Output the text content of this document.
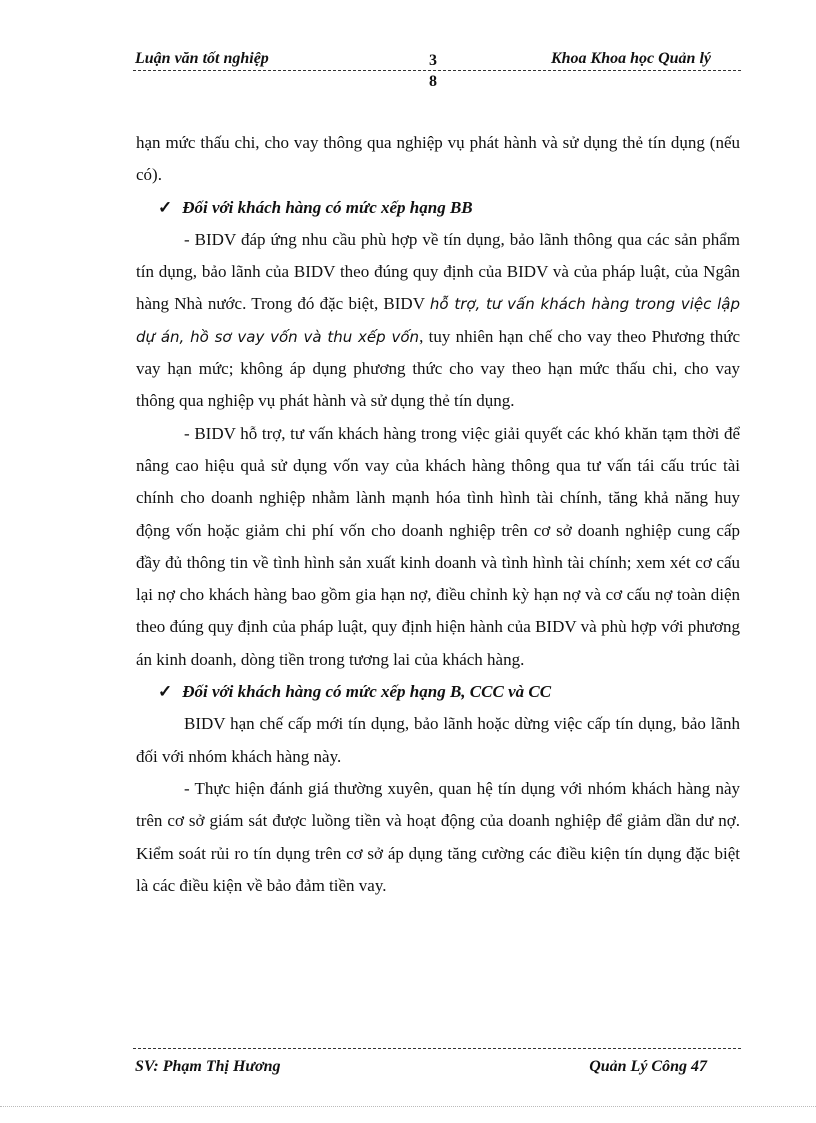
Luận văn tốt nghiệp	3
8
Khoa Khoa học Quản lý

hạn mức thấu chi, cho vay thông qua nghiệp vụ phát hành và sử dụng thẻ tín dụng (nếu có).

✓ Đối với khách hàng có mức xếp hạng BB

- BIDV đáp ứng nhu cầu phù hợp về tín dụng, bảo lãnh thông qua các sản phẩm tín dụng, bảo lãnh của BIDV theo đúng quy định của BIDV và của pháp luật, của Ngân hàng Nhà nước. Trong đó đặc biệt, BIDV hỗ trợ, tư vấn khách hàng trong việc lập dự án, hồ sơ vay vốn và thu xếp vốn, tuy nhiên hạn chế cho vay theo Phương thức vay hạn mức; không áp dụng phương thức cho vay theo hạn mức thấu chi, cho vay thông qua nghiệp vụ phát hành và sử dụng thẻ tín dụng.

- BIDV hỗ trợ, tư vấn khách hàng trong việc giải quyết các khó khăn tạm thời để nâng cao hiệu quả sử dụng vốn vay của khách hàng thông qua tư vấn tái cấu trúc tài chính cho doanh nghiệp nhằm lành mạnh hóa tình hình tài chính, tăng khả năng huy động vốn hoặc giảm chi phí vốn cho doanh nghiệp trên cơ sở doanh nghiệp cung cấp đầy đủ thông tin về tình hình sản xuất kinh doanh và tình hình tài chính; xem xét cơ cấu lại nợ cho khách hàng bao gồm gia hạn nợ, điều chỉnh kỳ hạn nợ và cơ cấu nợ toàn diện theo đúng quy định của pháp luật, quy định hiện hành của BIDV và phù hợp với phương án kinh doanh, dòng tiền trong tương lai của khách hàng.

✓ Đối với khách hàng có mức xếp hạng B, CCC và CC

BIDV hạn chế cấp mới tín dụng, bảo lãnh hoặc dừng việc cấp tín dụng, bảo lãnh đối với nhóm khách hàng này.

- Thực hiện đánh giá thường xuyên, quan hệ tín dụng với nhóm khách hàng này trên cơ sở giám sát được luồng tiền và hoạt động của doanh nghiệp để giảm dần dư nợ. Kiểm soát rủi ro tín dụng trên cơ sở áp dụng tăng cường các điều kiện tín dụng đặc biệt là các điều kiện về bảo đảm tiền vay.

SV: Phạm Thị Hương	Quản Lý Công 47
